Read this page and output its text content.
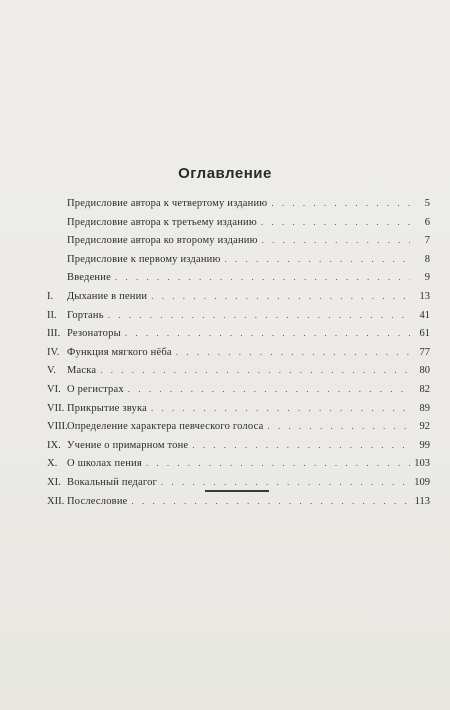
Оглавление
Предисловие автора к четвертому изданию . . .	5
Предисловие автора к третьему изданию . . .	6
Предисловие автора ко второму изданию . . .	7
Предисловие к первому изданию . . .	8
Введение . . .	9
I.	Дыхание в пении . . .	13
II. Гортань . . .	41
III. Резонаторы . . .	61
IV. Функция мягкого нёба . . .	77
V.	Маска . . .	80
VI. О регистрах . . .	82
VII. Прикрытие звука . . .	89
VIII. Определение характера певческого голоса . . .	92
IX. Учение о примарном тоне . . .	99
X. О школах пения . . .	103
XI. Вокальный педагог . . .	109
XII. Послесловие . . .	113
